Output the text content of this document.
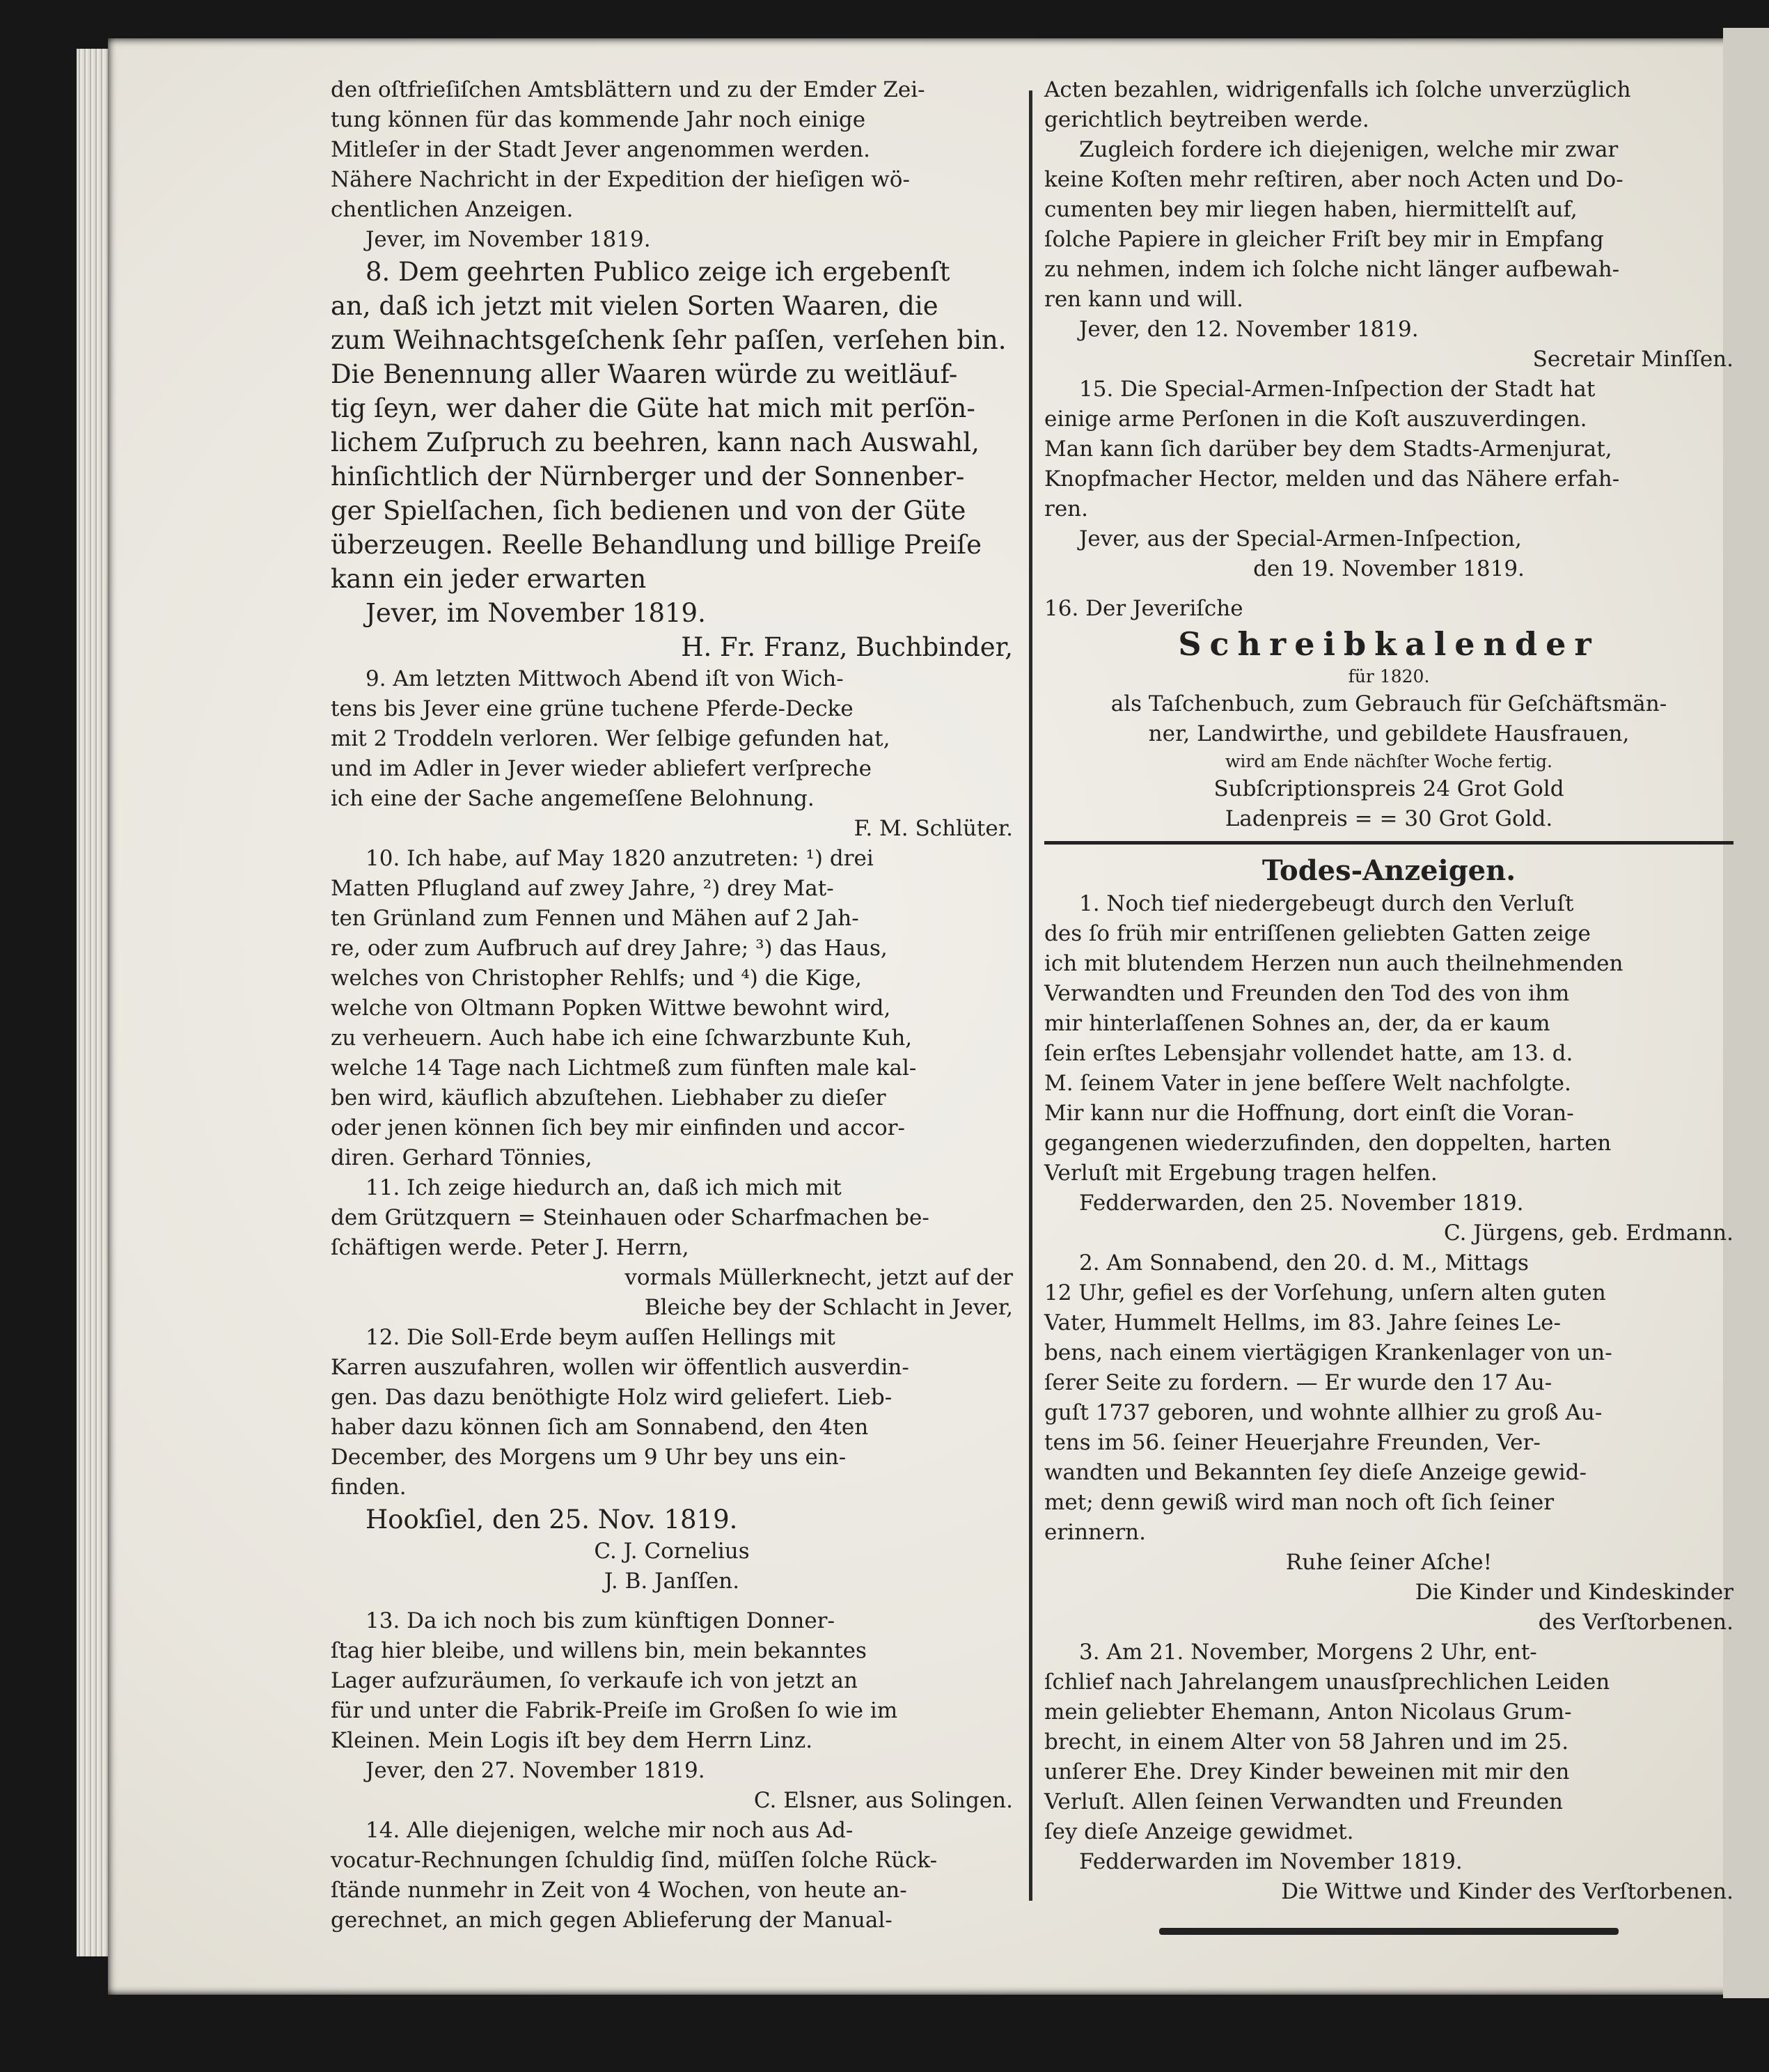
den oſtfrieſiſchen Amtsblättern und zu der Emder Zei-
tung können für das kommende Jahr noch einige
Mitleſer in der Stadt Jever angenommen werden.
Nähere Nachricht in der Expedition der hieſigen wö-
chentlichen Anzeigen.
Jever, im November 1819.
8. Dem geehrten Publico zeige ich ergebenſt
an, daß ich jetzt mit vielen Sorten Waaren, die
zum Weihnachtsgeſchenk ſehr paſſen, verſehen bin.
Die Benennung aller Waaren würde zu weitläuf-
tig ſeyn, wer daher die Güte hat mich mit perſön-
lichem Zuſpruch zu beehren, kann nach Auswahl,
hinſichtlich der Nürnberger und der Sonnenber-
ger Spielſachen, ſich bedienen und von der Güte
überzeugen. Reelle Behandlung und billige Preiſe
kann ein jeder erwarten
Jever, im November 1819.
H. Fr. Franz, Buchbinder,
9. Am letzten Mittwoch Abend iſt von Wich-
tens bis Jever eine grüne tuchene Pferde-Decke
mit 2 Troddeln verloren. Wer ſelbige gefunden hat,
und im Adler in Jever wieder abliefert verſpreche
ich eine der Sache angemeſſene Belohnung.
F. M. Schlüter.
10. Ich habe, auf May 1820 anzutreten: ¹) drei
Matten Pflugland auf zwey Jahre, ²) drey Mat-
ten Grünland zum Fennen und Mähen auf 2 Jah-
re, oder zum Aufbruch auf drey Jahre; ³) das Haus,
welches von Christopher Rehlfs; und ⁴) die Kige,
welche von Oltmann Popken Wittwe bewohnt wird,
zu verheuern. Auch habe ich eine ſchwarzbunte Kuh,
welche 14 Tage nach Lichtmeß zum fünften male kal-
ben wird, käuflich abzuſtehen. Liebhaber zu dieſer
oder jenen können ſich bey mir einfinden und accor-
diren. Gerhard Tönnies,
11. Ich zeige hiedurch an, daß ich mich mit
dem Grützquern = Steinhauen oder Scharfmachen be-
ſchäftigen werde. Peter J. Herrn,
vormals Müllerknecht, jetzt auf der
Bleiche bey der Schlacht in Jever,
12. Die Soll-Erde beym auſſen Hellings mit
Karren auszufahren, wollen wir öffentlich ausverdin-
gen. Das dazu benöthigte Holz wird geliefert. Lieb-
haber dazu können ſich am Sonnabend, den 4ten
December, des Morgens um 9 Uhr bey uns ein-
finden.
Hookſiel, den 25. Nov. 1819.
C. J. Cornelius
J. B. Janſſen.
13. Da ich noch bis zum künftigen Donner-
ſtag hier bleibe, und willens bin, mein bekanntes
Lager aufzuräumen, ſo verkaufe ich von jetzt an
für und unter die Fabrik-Preiſe im Großen ſo wie im
Kleinen. Mein Logis iſt bey dem Herrn Linz.
Jever, den 27. November 1819.
C. Elsner, aus Solingen.
14. Alle diejenigen, welche mir noch aus Ad-
vocatur-Rechnungen ſchuldig ſind, müſſen ſolche Rück-
ſtände nunmehr in Zeit von 4 Wochen, von heute an-
gerechnet, an mich gegen Ablieferung der Manual-
Acten bezahlen, widrigenfalls ich ſolche unverzüglich
gerichtlich beytreiben werde.
Zugleich fordere ich diejenigen, welche mir zwar
keine Koſten mehr reſtiren, aber noch Acten und Do-
cumenten bey mir liegen haben, hiermittelſt auf,
ſolche Papiere in gleicher Friſt bey mir in Empfang
zu nehmen, indem ich ſolche nicht länger aufbewah-
ren kann und will.
Jever, den 12. November 1819.
Secretair Minſſen.
15. Die Special-Armen-Inſpection der Stadt hat
einige arme Perſonen in die Koſt auszuverdingen.
Man kann ſich darüber bey dem Stadts-Armenjurat,
Knopfmacher Hector, melden und das Nähere erfah-
ren.
Jever, aus der Special-Armen-Inſpection,
den 19. November 1819.
16. Der Jeveriſche
Schreibkalender
für 1820.
als Taſchenbuch, zum Gebrauch für Geſchäftsmän-
ner, Landwirthe, und gebildete Hausfrauen,
wird am Ende nächſter Woche fertig.
Subſcriptionspreis 24 Grot Gold
Ladenpreis = = 30 Grot Gold.
Todes-Anzeigen.
1. Noch tief niedergebeugt durch den Verluſt
des ſo früh mir entriſſenen geliebten Gatten zeige
ich mit blutendem Herzen nun auch theilnehmenden
Verwandten und Freunden den Tod des von ihm
mir hinterlaſſenen Sohnes an, der, da er kaum
ſein erſtes Lebensjahr vollendet hatte, am 13. d.
M. ſeinem Vater in jene beſſere Welt nachfolgte.
Mir kann nur die Hoffnung, dort einſt die Voran-
gegangenen wiederzufinden, den doppelten, harten
Verluſt mit Ergebung tragen helfen.
Fedderwarden, den 25. November 1819.
C. Jürgens, geb. Erdmann.
2. Am Sonnabend, den 20. d. M., Mittags
12 Uhr, gefiel es der Vorſehung, unſern alten guten
Vater, Hummelt Hellms, im 83. Jahre ſeines Le-
bens, nach einem viertägigen Krankenlager von un-
ſerer Seite zu fordern. — Er wurde den 17 Au-
guſt 1737 geboren, und wohnte allhier zu groß Au-
tens im 56. ſeiner Heuerjahre Freunden, Ver-
wandten und Bekannten ſey dieſe Anzeige gewid-
met; denn gewiß wird man noch oft ſich ſeiner
erinnern.
Ruhe ſeiner Aſche!
Die Kinder und Kindeskinder
des Verſtorbenen.
3. Am 21. November, Morgens 2 Uhr, ent-
ſchlief nach Jahrelangem unausſprechlichen Leiden
mein geliebter Ehemann, Anton Nicolaus Grum-
brecht, in einem Alter von 58 Jahren und im 25.
unſerer Ehe. Drey Kinder beweinen mit mir den
Verluſt. Allen ſeinen Verwandten und Freunden
ſey dieſe Anzeige gewidmet.
Fedderwarden im November 1819.
Die Wittwe und Kinder des Verſtorbenen.
